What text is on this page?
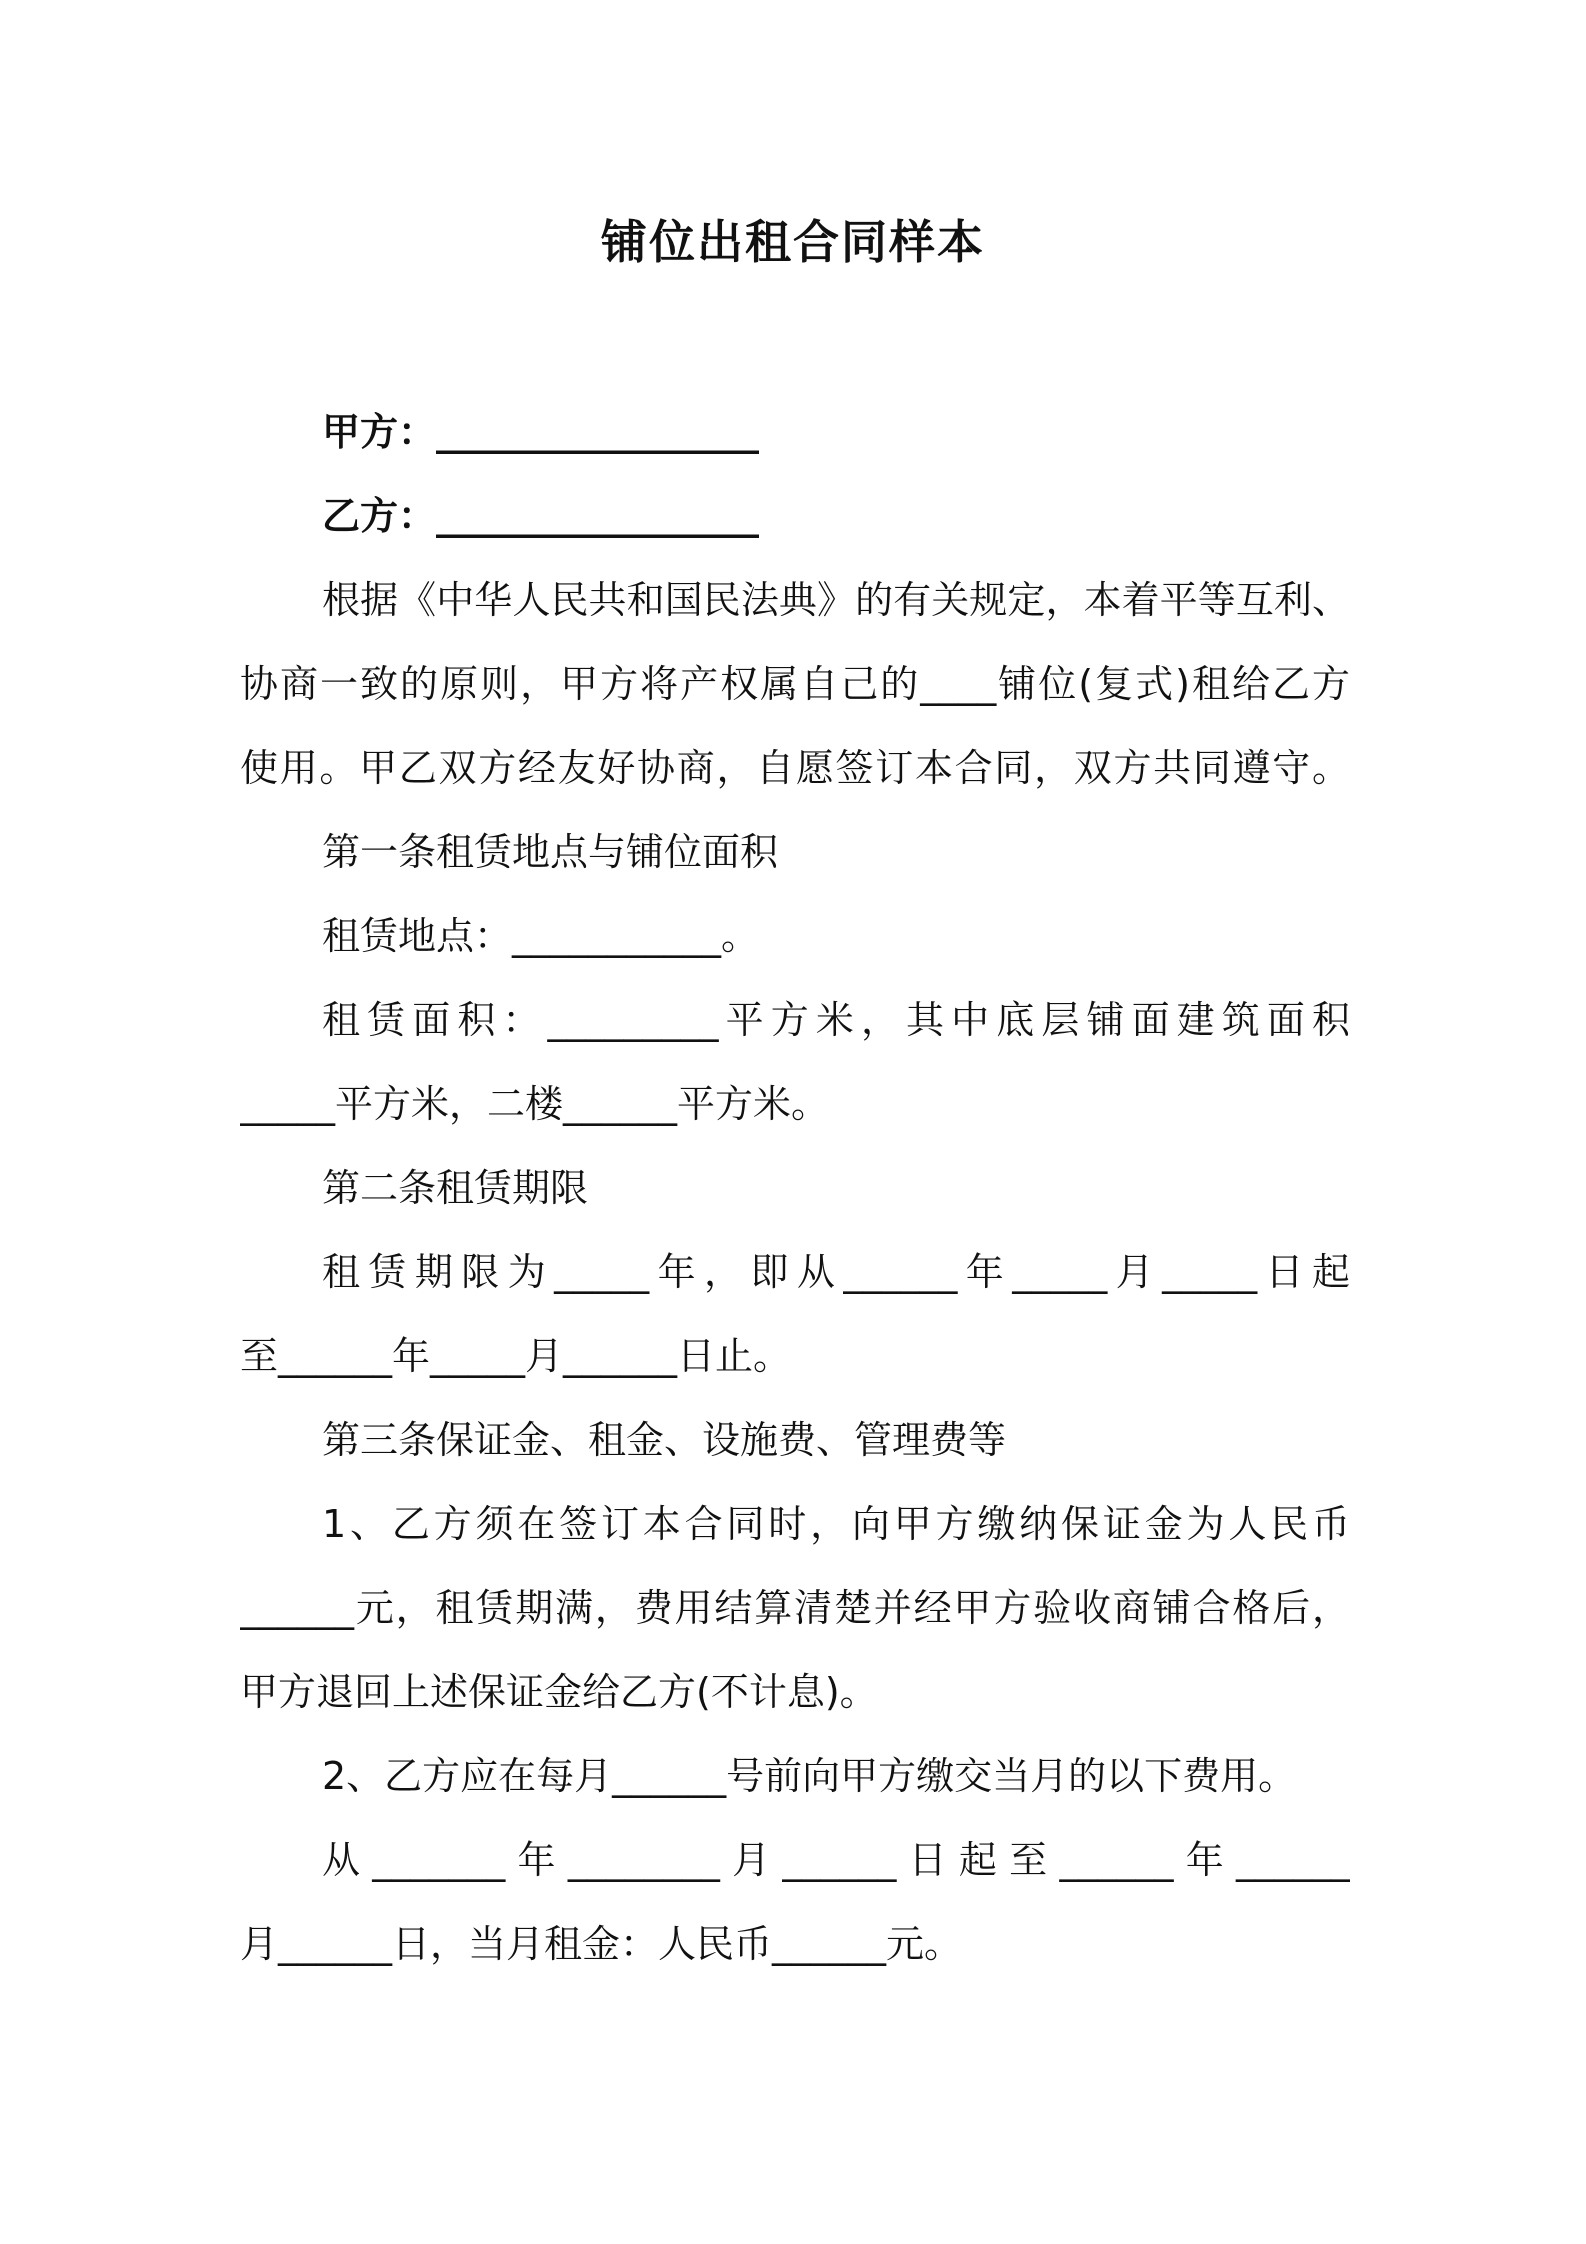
铺位出租合同样本
甲方：_________________
乙方：_________________
根据《中华人民共和国民法典》的有关规定，本着平等互利、
协商一致的原则，甲方将产权属自己的____铺位(复式)租给乙方
使用。甲乙双方经友好协商，自愿签订本合同，双方共同遵守。
第一条租赁地点与铺位面积
租赁地点：___________。
租赁面积：_________平方米，其中底层铺面建筑面积
_____平方米，二楼______平方米。
第二条租赁期限
租赁期限为_____年，即从______年_____月_____日起
至______年_____月______日止。
第三条保证金、租金、设施费、管理费等
1、乙方须在签订本合同时，向甲方缴纳保证金为人民币
______元，租赁期满，费用结算清楚并经甲方验收商铺合格后，
甲方退回上述保证金给乙方(不计息)。
2、乙方应在每月______号前向甲方缴交当月的以下费用。
从_______年________月______日起至______年______
月______日，当月租金：人民币______元。
